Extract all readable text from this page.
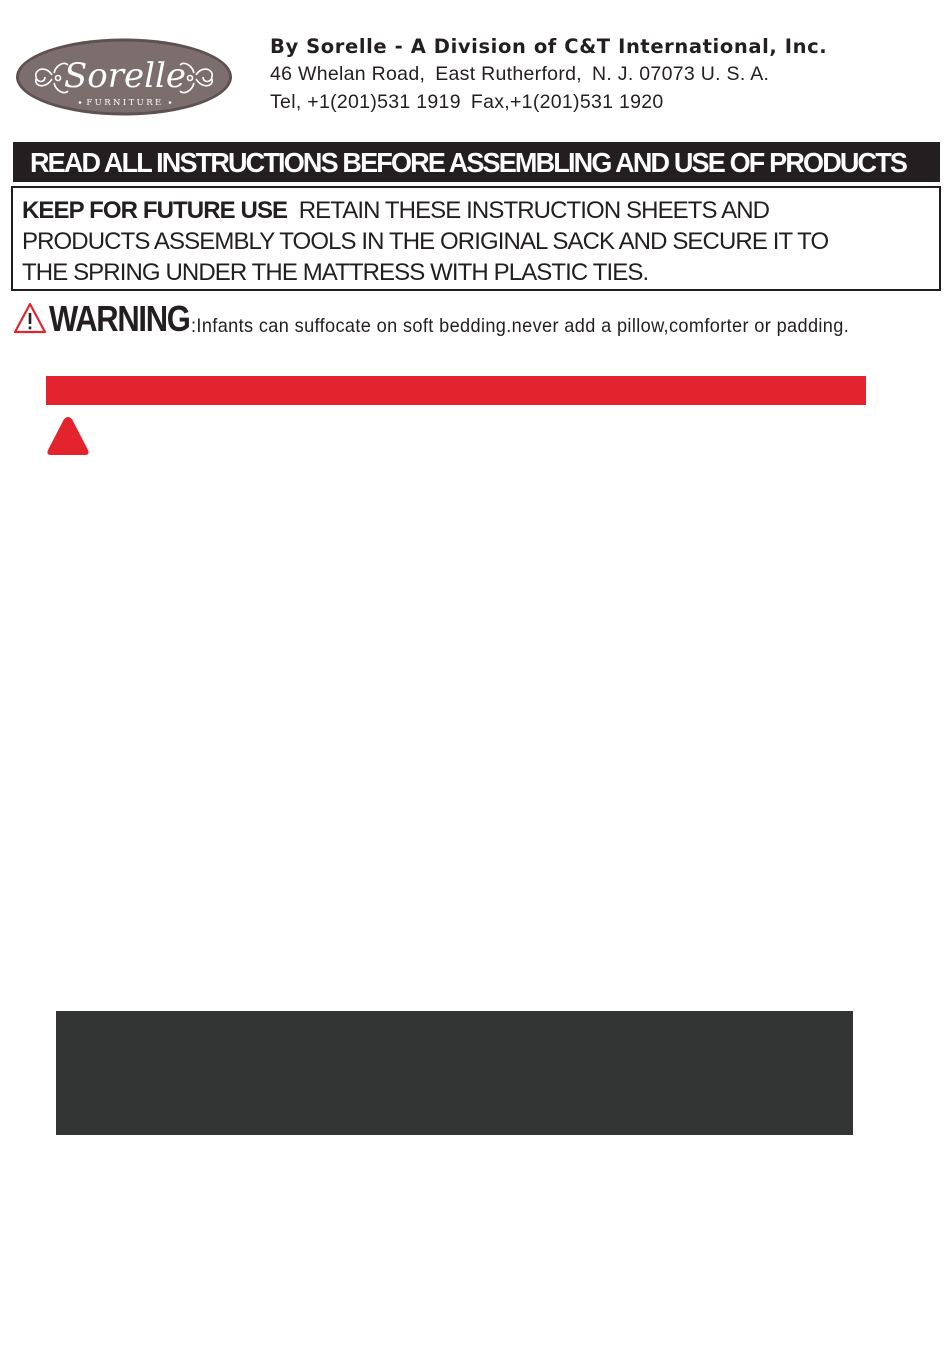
Sorelle
FURNITURE
By Sorelle - A Division of C&T International, Inc.
46 Whelan Road, East Rutherford, N. J. 07073 U. S. A.
Tel, +1(201)531 1919 Fax,+1(201)531 1920
READ ALL INSTRUCTIONS BEFORE ASSEMBLING AND USE OF PRODUCTS
KEEP FOR FUTURE USE RETAIN THESE INSTRUCTION SHEETS AND
PRODUCTS ASSEMBLY TOOLS IN THE ORIGINAL SACK AND SECURE IT TO
THE SPRING UNDER THE MATTRESS WITH PLASTIC TIES.
WARNING :Infants can suffocate on soft bedding.never add a pillow,comforter or padding.
